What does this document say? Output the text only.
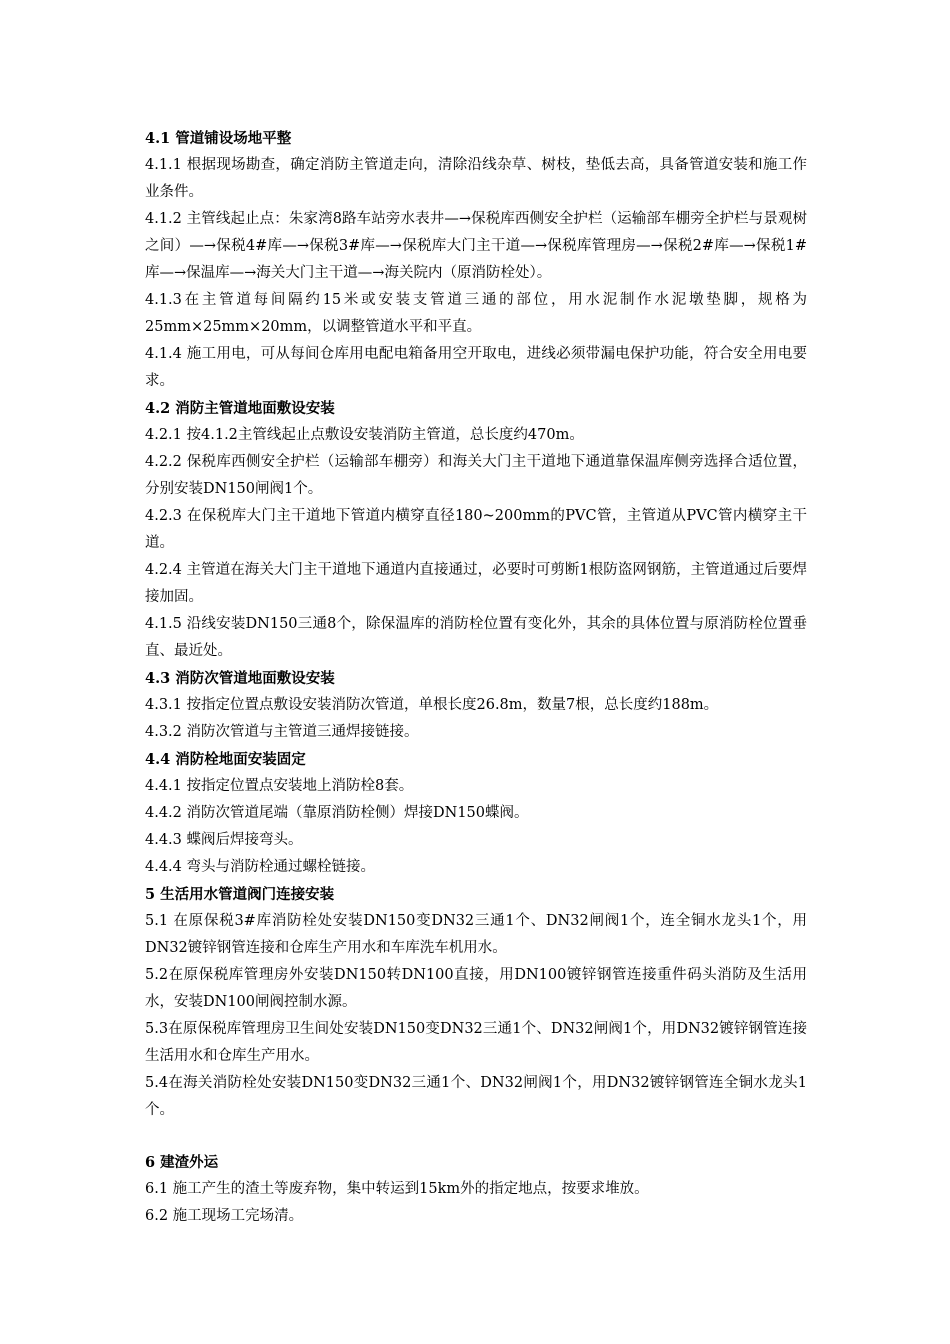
4.1 管道铺设场地平整

4.1.1 根据现场勘查，确定消防主管道走向，清除沿线杂草、树枝，垫低去高，具备管道安装和施工作业条件。

4.1.2 主管线起止点：朱家湾8路车站旁水表井—→保税库西侧安全护栏（运输部车棚旁全护栏与景观树之间）—→保税4#库—→保税3#库—→保税库大门主干道—→保税库管理房—→保税2#库—→保税1#库—→保温库—→海关大门主干道—→海关院内（原消防栓处）。

4.1.3在主管道每间隔约15米或安装支管道三通的部位，用水泥制作水泥墩垫脚，规格为25mm×25mm×20mm，以调整管道水平和平直。

4.1.4 施工用电，可从每间仓库用电配电箱备用空开取电，进线必须带漏电保护功能，符合安全用电要求。

4.2 消防主管道地面敷设安装

4.2.1 按4.1.2主管线起止点敷设安装消防主管道，总长度约470m。

4.2.2 保税库西侧安全护栏（运输部车棚旁）和海关大门主干道地下通道靠保温库侧旁选择合适位置，分别安装DN150闸阀1个。

4.2.3 在保税库大门主干道地下管道内横穿直径180~200mm的PVC管，主管道从PVC管内横穿主干道。

4.2.4 主管道在海关大门主干道地下通道内直接通过，必要时可剪断1根防盗网钢筋，主管道通过后要焊接加固。

4.1.5 沿线安装DN150三通8个，除保温库的消防栓位置有变化外，其余的具体位置与原消防栓位置垂直、最近处。

4.3 消防次管道地面敷设安装

4.3.1 按指定位置点敷设安装消防次管道，单根长度26.8m，数量7根，总长度约188m。

4.3.2 消防次管道与主管道三通焊接链接。

4.4 消防栓地面安装固定

4.4.1 按指定位置点安装地上消防栓8套。

4.4.2 消防次管道尾端（靠原消防栓侧）焊接DN150蝶阀。

4.4.3 蝶阀后焊接弯头。

4.4.4 弯头与消防栓通过螺栓链接。

5 生活用水管道阀门连接安装

5.1 在原保税3#库消防栓处安装DN150变DN32三通1个、DN32闸阀1个，连全铜水龙头1个，用DN32镀锌钢管连接和仓库生产用水和车库洗车机用水。

5.2在原保税库管理房外安装DN150转DN100直接，用DN100镀锌钢管连接重件码头消防及生活用水，安装DN100闸阀控制水源。

5.3在原保税库管理房卫生间处安装DN150变DN32三通1个、DN32闸阀1个，用DN32镀锌钢管连接生活用水和仓库生产用水。

5.4在海关消防栓处安装DN150变DN32三通1个、DN32闸阀1个，用DN32镀锌钢管连全铜水龙头1个。

6 建渣外运

6.1 施工产生的渣土等废弃物，集中转运到15km外的指定地点，按要求堆放。

6.2 施工现场工完场清。
